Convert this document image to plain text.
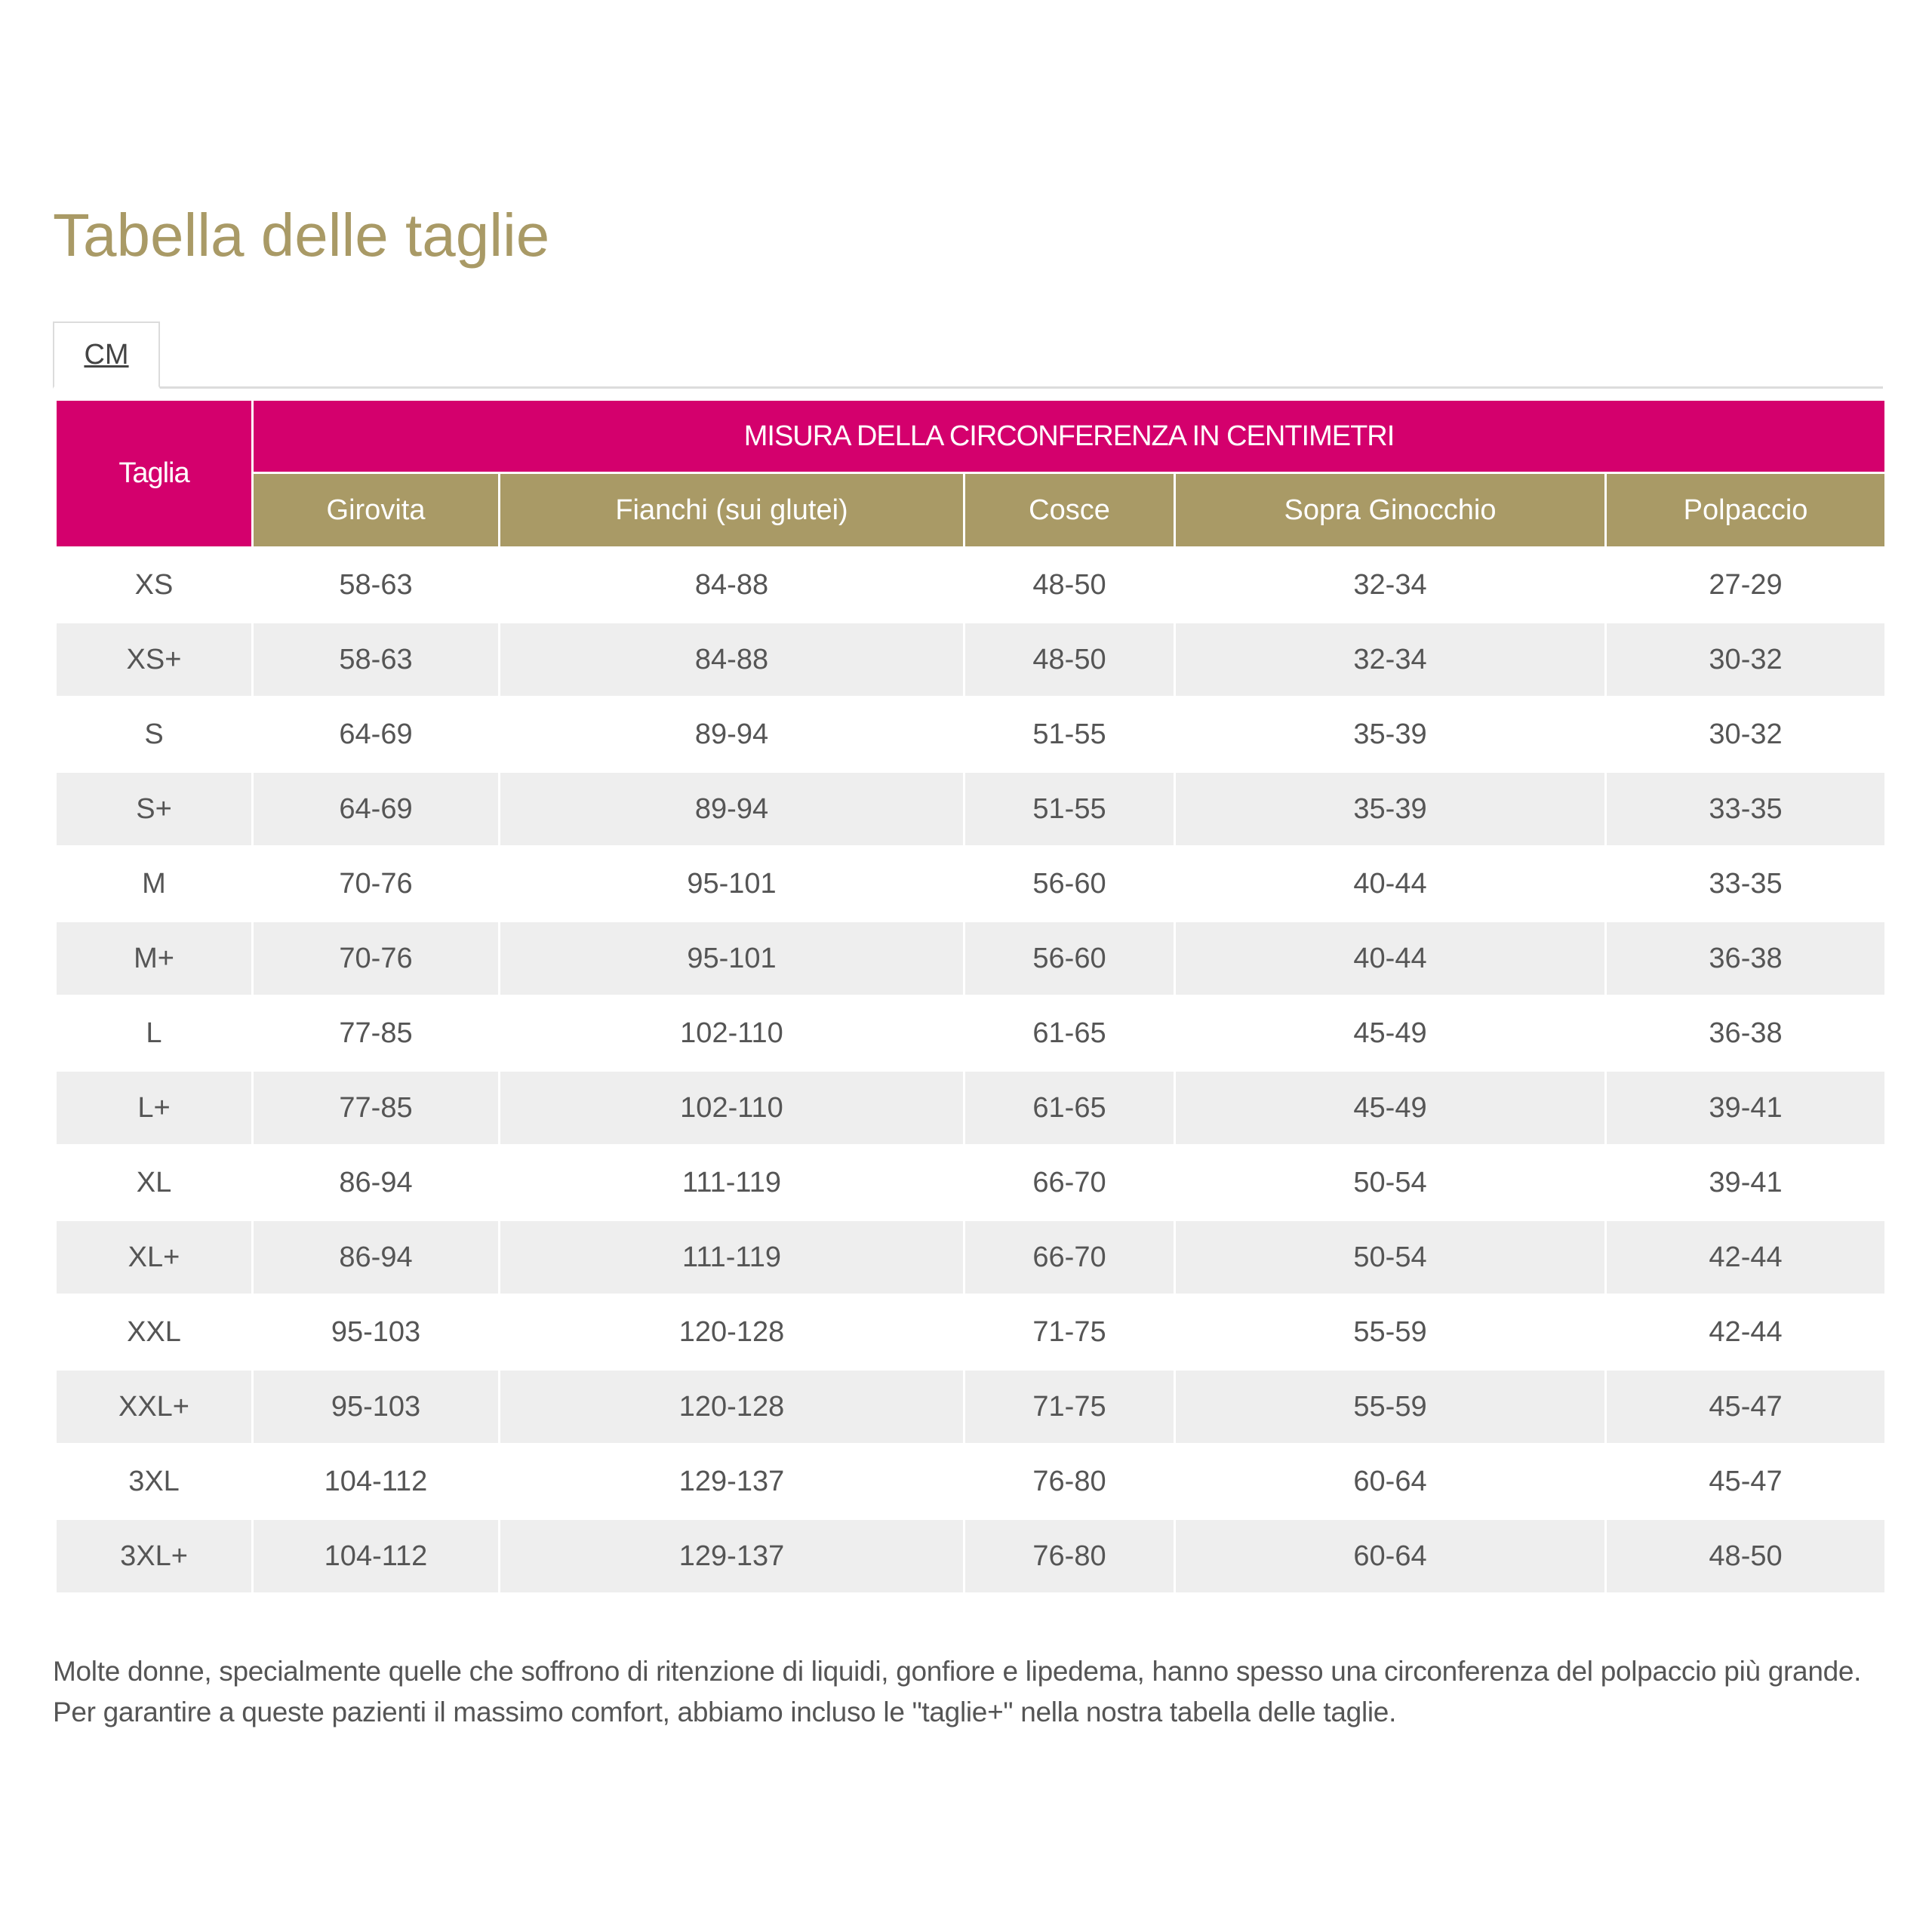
Tabella delle taglie
CM
Taglia	MISURA DELLA CIRCONFERENZA IN CENTIMETRI				
	Girovita	Fianchi (sui glutei)	Cosce	Sopra Ginocchio	Polpaccio
XS	58-63	84-88	48-50	32-34	27-29
XS+	58-63	84-88	48-50	32-34	30-32
S	64-69	89-94	51-55	35-39	30-32
S+	64-69	89-94	51-55	35-39	33-35
M	70-76	95-101	56-60	40-44	33-35
M+	70-76	95-101	56-60	40-44	36-38
L	77-85	102-110	61-65	45-49	36-38
L+	77-85	102-110	61-65	45-49	39-41
XL	86-94	111-119	66-70	50-54	39-41
XL+	86-94	111-119	66-70	50-54	42-44
XXL	95-103	120-128	71-75	55-59	42-44
XXL+	95-103	120-128	71-75	55-59	45-47
3XL	104-112	129-137	76-80	60-64	45-47
3XL+	104-112	129-137	76-80	60-64	48-50

Molte donne, specialmente quelle che soffrono di ritenzione di liquidi, gonfiore e lipedema, hanno spesso una circonferenza del polpaccio più grande. Per garantire a queste pazienti il massimo comfort, abbiamo incluso le "taglie+" nella nostra tabella delle taglie.
